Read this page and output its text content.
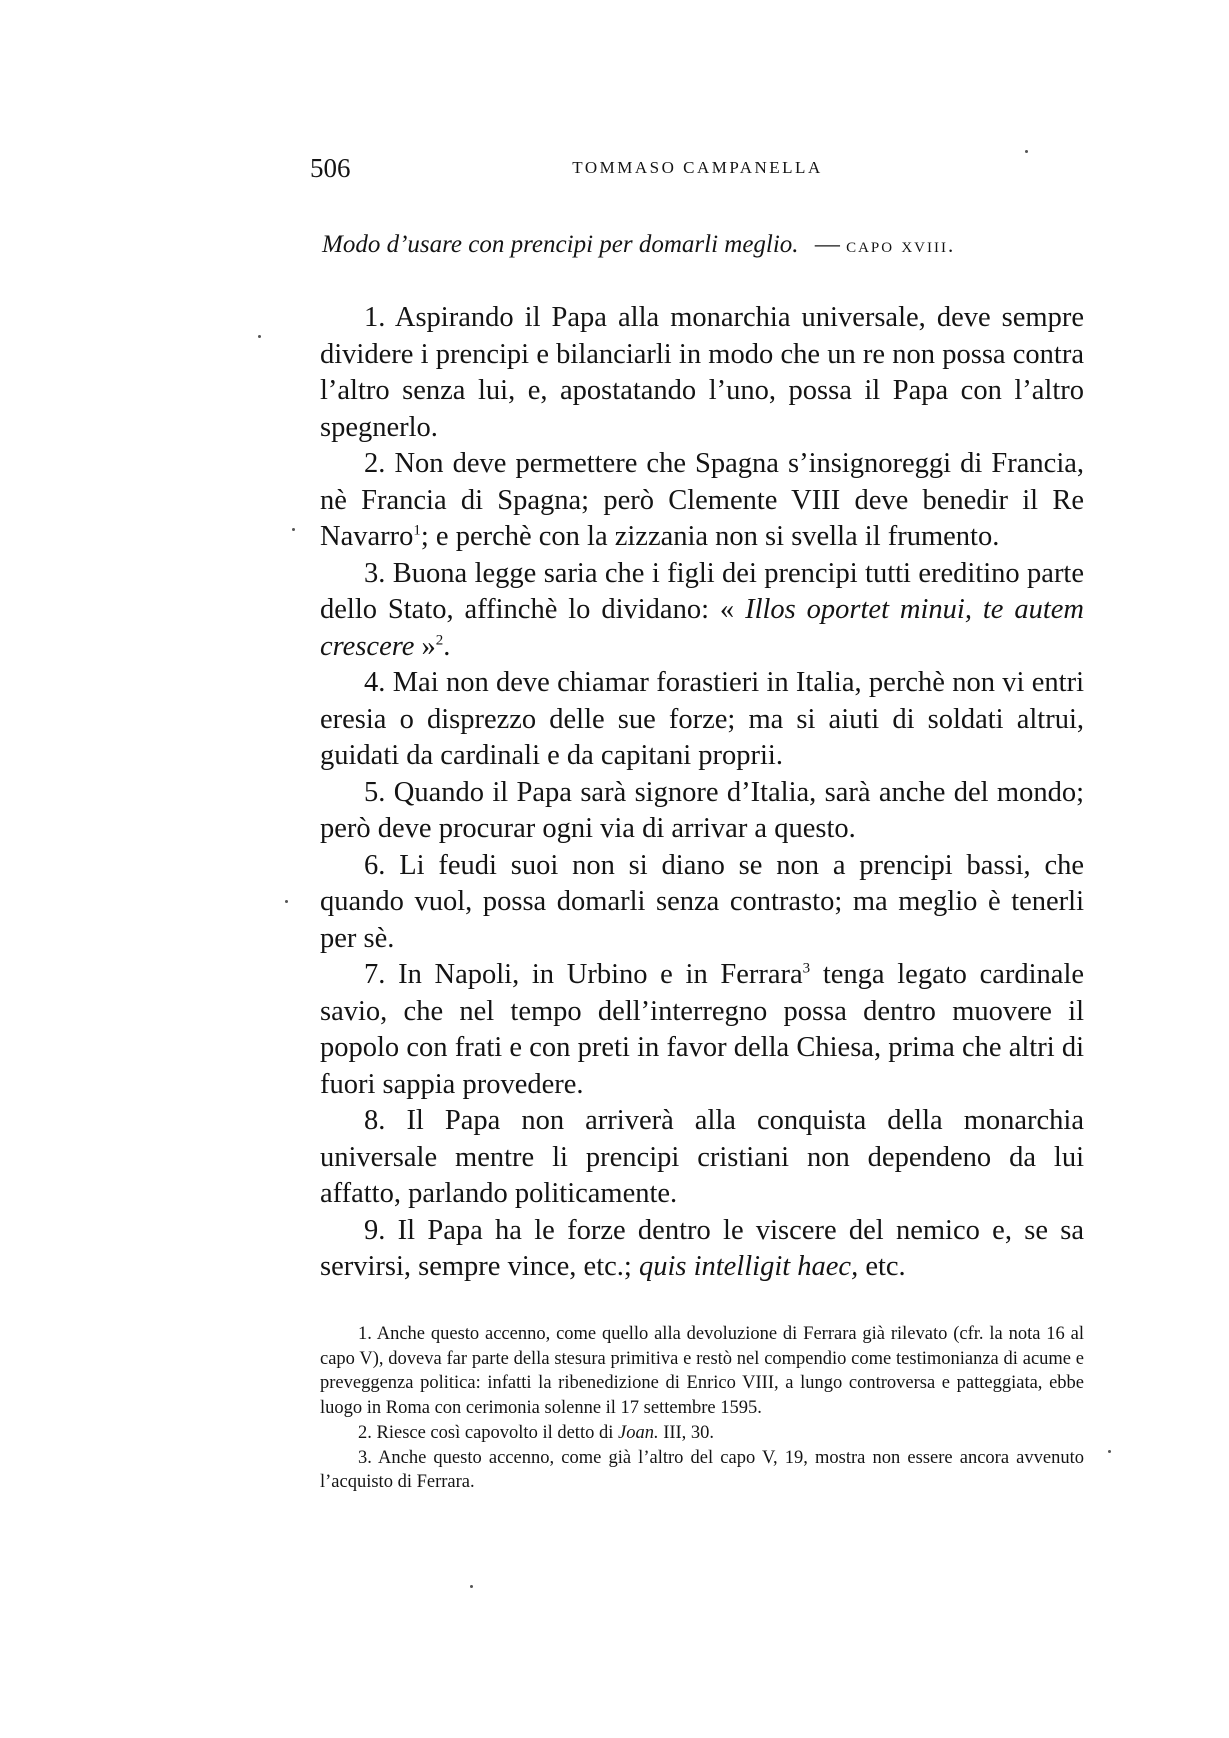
506	TOMMASO CAMPANELLA
Modo d’usare con prencipi per domarli meglio. — capo xviii.

1. Aspirando il Papa alla monarchia universale, deve sempre dividere i prencipi e bilanciarli in modo che un re non possa contra l’altro senza lui, e, apostatando l’uno, possa il Papa con l’altro spegnerlo.

2. Non deve permettere che Spagna s’insignoreggi di Francia, nè Francia di Spagna; però Clemente VIII deve benedir il Re Navarro$^1$; e perchè con la zizzania non si svella il frumento.

3. Buona legge saria che i figli dei prencipi tutti ereditino parte dello Stato, affinchè lo dividano: « Illos oportet minui, te autem crescere »$^2$.

4. Mai non deve chiamar forastieri in Italia, perchè non vi entri eresia o disprezzo delle sue forze; ma si aiuti di soldati altrui, guidati da cardinali e da capitani proprii.

5. Quando il Papa sarà signore d’Italia, sarà anche del mondo; però deve procurar ogni via di arrivar a questo.

6. Li feudi suoi non si diano se non a prencipi bassi, che quando vuol, possa domarli senza contrasto; ma meglio è tenerli per sè.

7. In Napoli, in Urbino e in Ferrara$^3$ tenga legato cardinale savio, che nel tempo dell’interregno possa dentro muovere il popolo con frati e con preti in favor della Chiesa, prima che altri di fuori sappia provedere.

8. Il Papa non arriverà alla conquista della monarchia universale mentre li prencipi cristiani non dependeno da lui affatto, parlando politicamente.

9. Il Papa ha le forze dentro le viscere del nemico e, se sa servirsi, sempre vince, etc.; quis intelligit haec, etc.

1. Anche questo accenno, come quello alla devoluzione di Ferrara già rilevato (cfr. la nota 16 al capo V), doveva far parte della stesura primitiva e restò nel compendio come testimonianza di acume e preveggenza politica: infatti la ribenedizione di Enrico VIII, a lungo controversa e patteggiata, ebbe luogo in Roma con cerimonia solenne il 17 settembre 1595.

2. Riesce così capovolto il detto di Joan. III, 30.

3. Anche questo accenno, come già l’altro del capo V, 19, mostra non essere ancora avvenuto l’acquisto di Ferrara.
